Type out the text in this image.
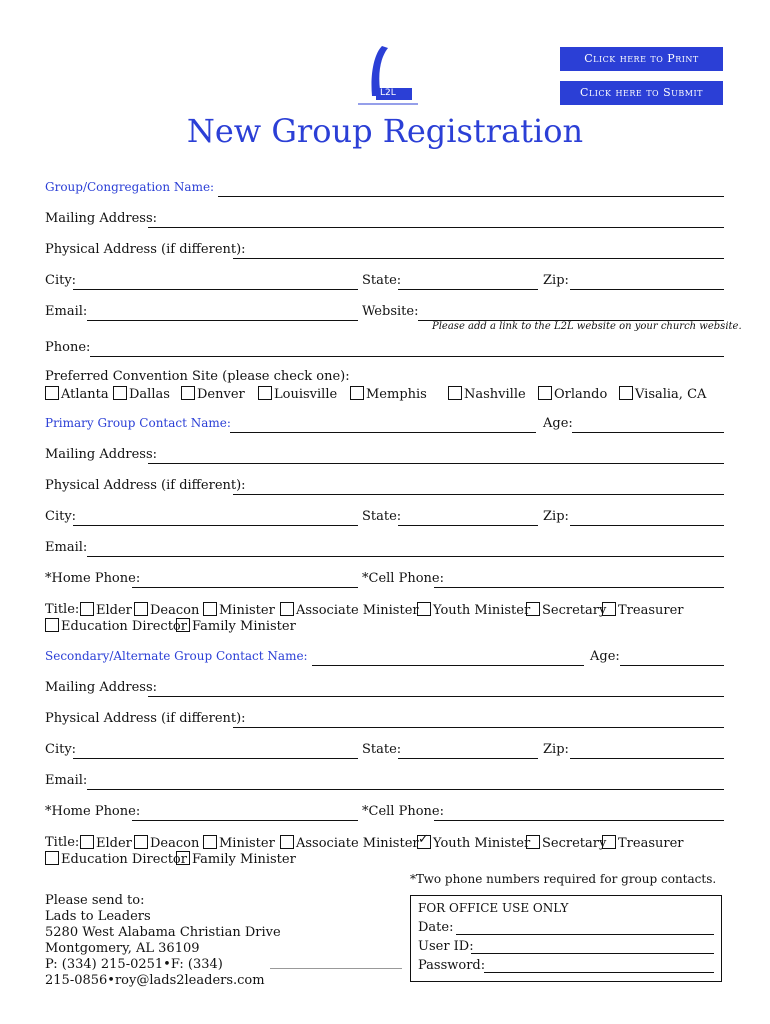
L2L
Click here to Print
Click here to Submit
New Group Registration
Group/Congregation Name:
Mailing Address:
Physical Address (if different):
City:	State:	Zip:
Email:	Website:
Please add a link to the L2L website on your church website.
Phone:
Preferred Convention Site (please check one):
Atlanta	Dallas	Denver	Louisville	Memphis	Nashville	Orlando	Visalia, CA
Primary Group Contact Name:	Age:
Mailing Address:
Physical Address (if different):
City:	State:	Zip:
Email:
*Home Phone:	*Cell Phone:
Title:	Elder	Deacon	Minister	Associate Minister	Youth Minister Secretary Treasurer
Education Director Family Minister
Secondary/Alternate Group Contact Name:	Age:
Mailing Address:
Physical Address (if different):
City:	State:	Zip:
Email:
*Home Phone:	*Cell Phone:
Title:	Elder	Deacon	Minister	Associate Minister
✓	Youth Minister Secretary Treasurer
Education Director Family Minister
*Two phone numbers required for group contacts.
Please send to:
Lads to Leaders
5280 West Alabama Christian Drive
Montgomery, AL 36109
P: (334) 215-0251•F: (334)
215-0856•roy@lads2leaders.com
FOR OFFICE USE ONLY
Date:
User ID:
Password:
